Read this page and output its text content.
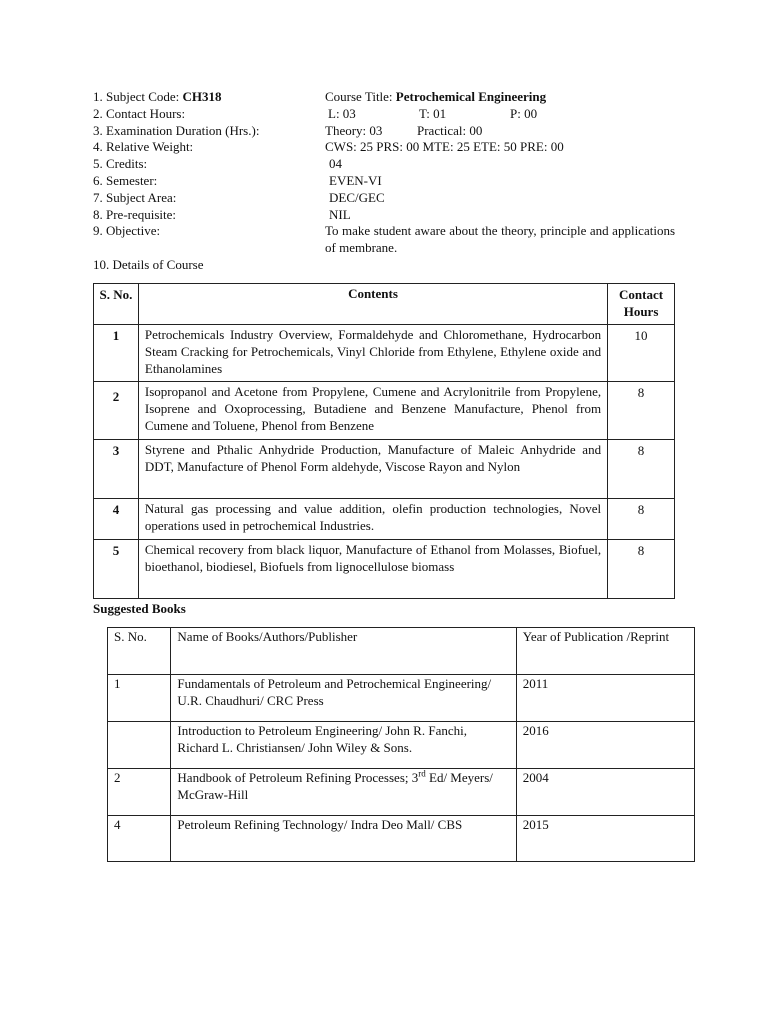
1. Subject Code: CH318	Course Title: Petrochemical Engineering
2. Contact Hours:	L: 03	T: 01	P: 00
3. Examination Duration (Hrs.):	Theory: 03	Practical: 00
4. Relative Weight:	CWS: 25 PRS: 00 MTE: 25 ETE: 50 PRE: 00
5. Credits:	04
6. Semester:	EVEN-VI
7. Subject Area:	DEC/GEC
8. Pre-requisite:	NIL
9. Objective:	To make student aware about the theory, principle and applications of membrane.
10. Details of Course
S. No.	Contents	Contact Hours
1	Petrochemicals Industry Overview, Formaldehyde and Chloromethane, Hydrocarbon Steam Cracking for Petrochemicals, Vinyl Chloride from Ethylene, Ethylene oxide and Ethanolamines	10
2	Isopropanol and Acetone from Propylene, Cumene and Acrylonitrile from Propylene, Isoprene and Oxoprocessing, Butadiene and Benzene Manufacture, Phenol from Cumene and Toluene, Phenol from Benzene	8
3	Styrene and Pthalic Anhydride Production, Manufacture of Maleic Anhydride and DDT, Manufacture of Phenol Form aldehyde, Viscose Rayon and Nylon	8
4	Natural gas processing and value addition, olefin production technologies, Novel operations used in petrochemical Industries.	8
5	Chemical recovery from black liquor, Manufacture of Ethanol from Molasses, Biofuel, bioethanol, biodiesel, Biofuels from lignocellulose biomass	8
Suggested Books
S. No.	Name of Books/Authors/Publisher	Year of Publication /Reprint
1	Fundamentals of Petroleum and Petrochemical Engineering/ U.R. Chaudhuri/ CRC Press	2011
	Introduction to Petroleum Engineering/ John R. Fanchi, Richard L. Christiansen/ John Wiley & Sons.	2016
2	Handbook of Petroleum Refining Processes; 3rd Ed/ Meyers/ McGraw-Hill	2004
4	Petroleum Refining Technology/ Indra Deo Mall/ CBS	2015
